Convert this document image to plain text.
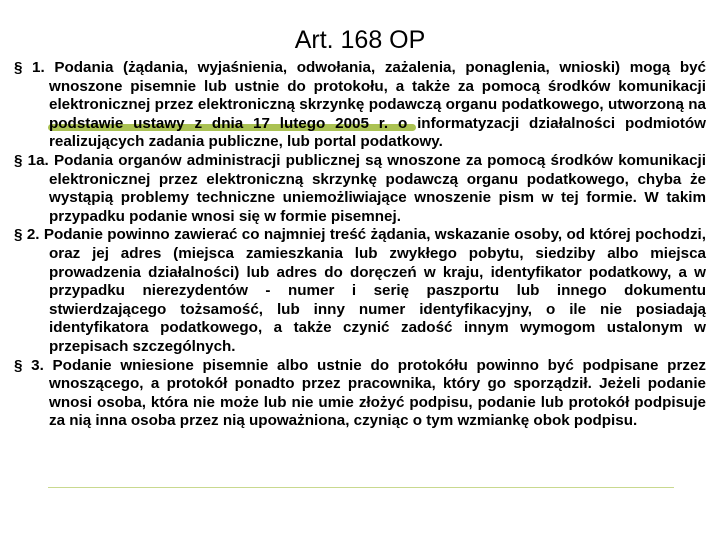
Art. 168 OP

§ 1. Podania (żądania, wyjaśnienia, odwołania, zażalenia, ponaglenia, wnioski) mogą być wnoszone pisemnie lub ustnie do protokołu, a także za pomocą środków komunikacji elektronicznej przez elektroniczną skrzynkę podawczą organu podatkowego, utworzoną na podstawie ustawy z dnia 17 lutego 2005 r. o informatyzacji działalności podmiotów realizujących zadania publiczne, lub portal podatkowy.

§ 1a. Podania organów administracji publicznej są wnoszone za pomocą środków komunikacji elektronicznej przez elektroniczną skrzynkę podawczą organu podatkowego, chyba że wystąpią problemy techniczne uniemożliwiające wnoszenie pism w tej formie. W takim przypadku podanie wnosi się w formie pisemnej.

§ 2. Podanie powinno zawierać co najmniej treść żądania, wskazanie osoby, od której pochodzi, oraz jej adres (miejsca zamieszkania lub zwykłego pobytu, siedziby albo miejsca prowadzenia działalności) lub adres do doręczeń w kraju, identyfikator podatkowy, a w przypadku nierezydentów - numer i serię paszportu lub innego dokumentu stwierdzającego tożsamość, lub inny numer identyfikacyjny, o ile nie posiadają identyfikatora podatkowego, a także czynić zadość innym wymogom ustalonym w przepisach szczególnych.

§ 3. Podanie wniesione pisemnie albo ustnie do protokółu powinno być podpisane przez wnoszącego, a protokół ponadto przez pracownika, który go sporządził. Jeżeli podanie wnosi osoba, która nie może lub nie umie złożyć podpisu, podanie lub protokół podpisuje za nią inna osoba przez nią upoważniona, czyniąc o tym wzmiankę obok podpisu.
